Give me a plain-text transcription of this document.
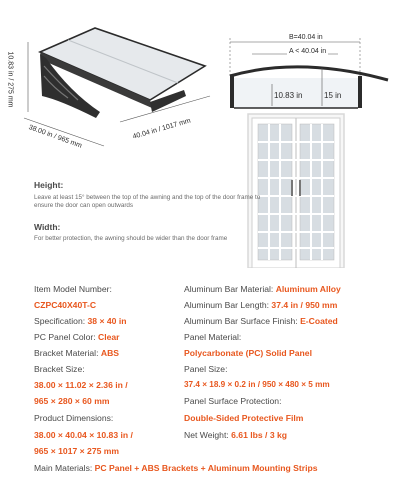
10.83 in / 275 mm
38.00 in / 965 mm	40.04 in / 1017 mm
B=40.04 in
A < 40.04 in
10.83 in	15 in
Height:
Leave at least 15° between the top of the awning and the top of the door frame to ensure the door can open outwards
Width:
For better protection, the awning should be wider than the door frame
Item Model Number:
CZPC40X40T-C
Specification: 38 × 40 in
PC Panel Color: Clear
Bracket Material: ABS
Bracket Size:
38.00 × 11.02 × 2.36 in /
965 × 280 × 60 mm
Product Dimensions:
38.00 × 40.04 × 10.83 in /
965 × 1017 × 275 mm
Aluminum Bar Material: Aluminum Alloy
Aluminum Bar Length: 37.4 in / 950 mm
Aluminum Bar Surface Finish: E-Coated
Panel Material:
Polycarbonate (PC) Solid Panel
Panel Size:
37.4 × 18.9 × 0.2 in / 950 × 480 × 5 mm
Panel Surface Protection:
Double-Sided Protective Film
Net Weight: 6.61 lbs / 3 kg
Main Materials: PC Panel + ABS Brackets + Aluminum Mounting Strips
